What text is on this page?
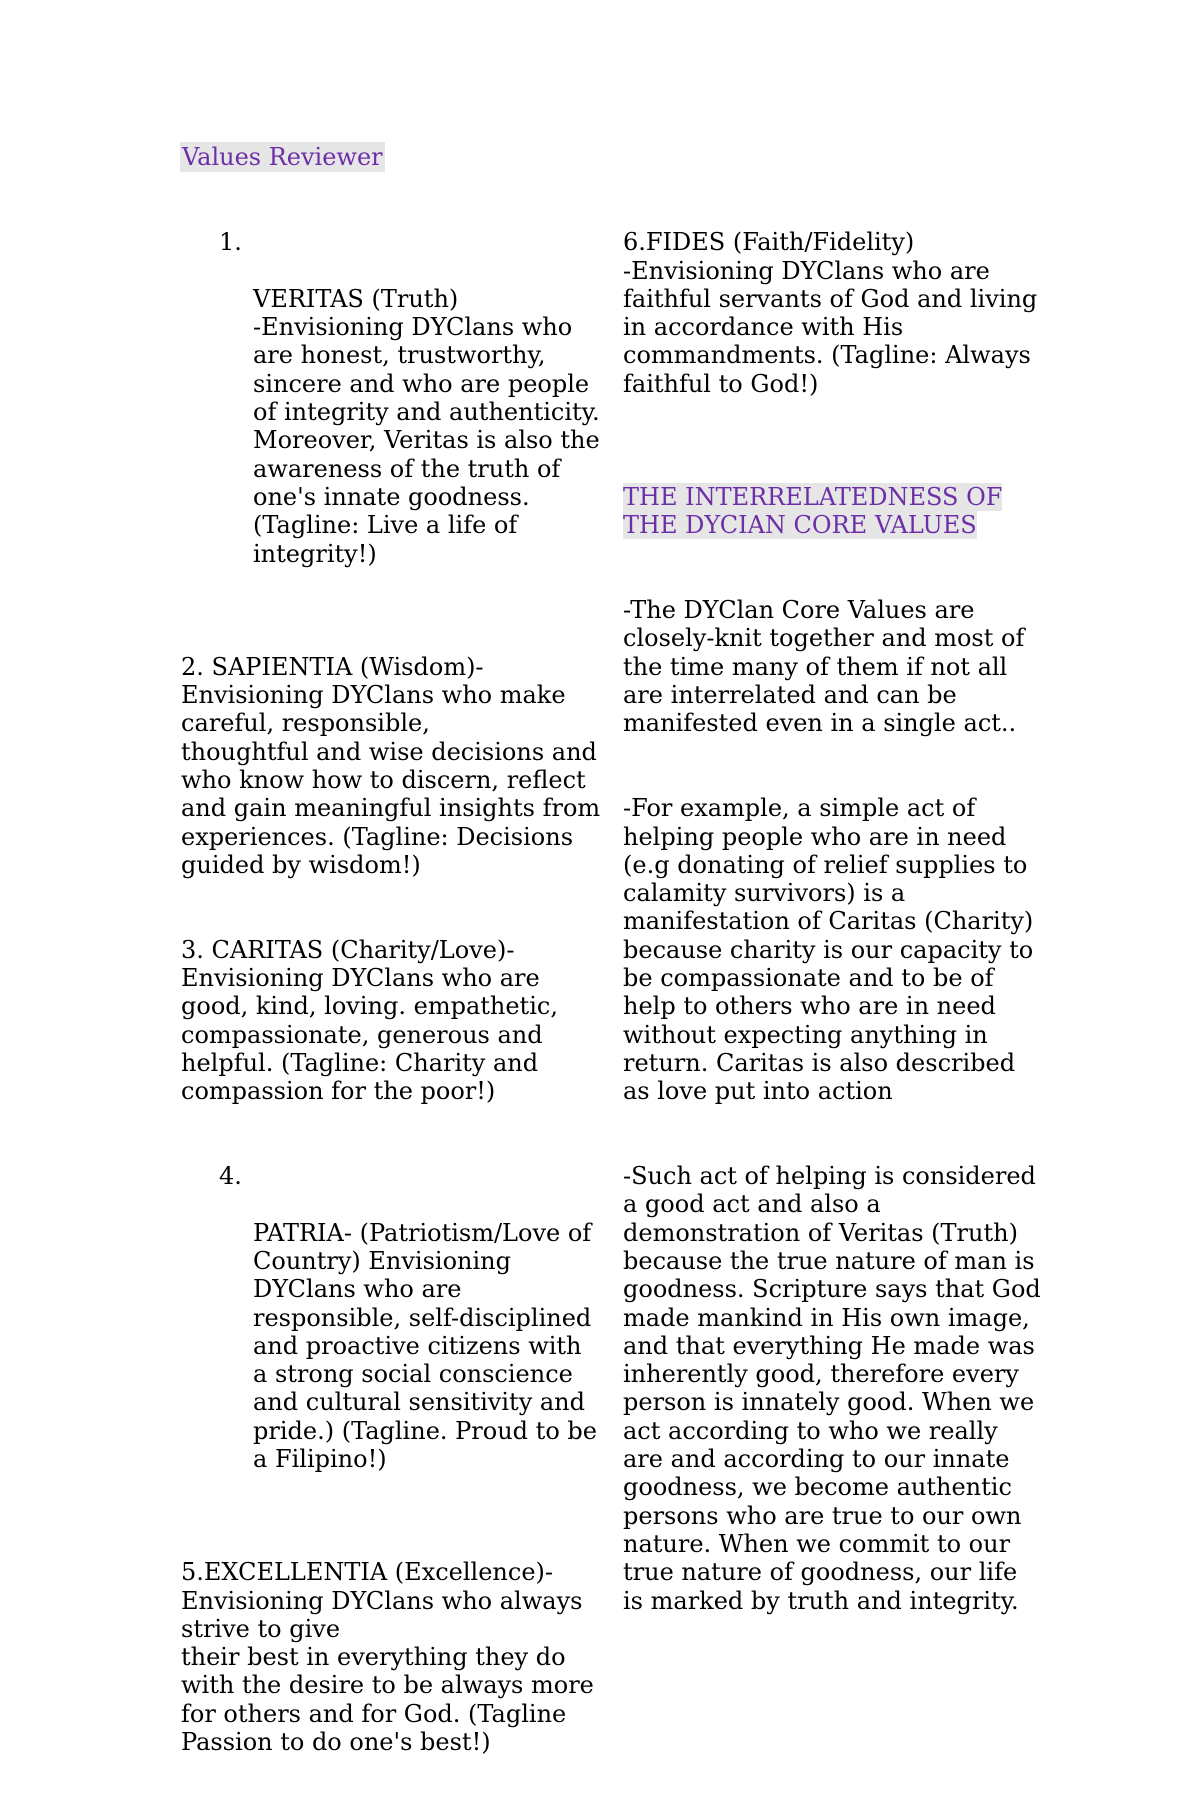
Values Reviewer

1.

VERITAS (Truth)
-Envisioning DYClans who are honest, trustworthy, sincere and who are people of integrity and authenticity. Moreover, Veritas is also the awareness of the truth of one's innate goodness. (Tagline: Live a life of integrity!)

2. SAPIENTIA (Wisdom)-
Envisioning DYClans who make careful, responsible,
thoughtful and wise decisions and who know how to discern, reflect and gain meaningful insights from experiences. (Tagline: Decisions guided by wisdom!)

3. CARITAS (Charity/Love)-
Envisioning DYClans who are good, kind, loving. empathetic, compassionate, generous and helpful. (Tagline: Charity and compassion for the poor!)

4.

PATRIA- (Patriotism/Love of Country) Envisioning DYClans who are responsible, self-disciplined and proactive citizens with a strong social conscience and cultural sensitivity and pride.) (Tagline. Proud to be a Filipino!)

5.EXCELLENTIA (Excellence)-
Envisioning DYClans who always strive to give
their best in everything they do with the desire to be always more for others and for God. (Tagline Passion to do one's best!)

6.FIDES (Faith/Fidelity)
-Envisioning DYClans who are faithful servants of God and living in accordance with His commandments. (Tagline: Always faithful to God!)

THE INTERRELATEDNESS OF THE DYCIAN CORE VALUES

-The DYClan Core Values are closely-knit together and most of the time many of them if not all are interrelated and can be manifested even in a single act..

-For example, a simple act of helping people who are in need (e.g donating of relief supplies to calamity survivors) is a manifestation of Caritas (Charity) because charity is our capacity to be compassionate and to be of help to others who are in need without expecting anything in return. Caritas is also described as love put into action

-Such act of helping is considered a good act and also a demonstration of Veritas (Truth) because the true nature of man is goodness. Scripture says that God made mankind in His own image, and that everything He made was inherently good, therefore every person is innately good. When we act according to who we really are and according to our innate goodness, we become authentic persons who are true to our own nature. When we commit to our true nature of goodness, our life is marked by truth and integrity.
